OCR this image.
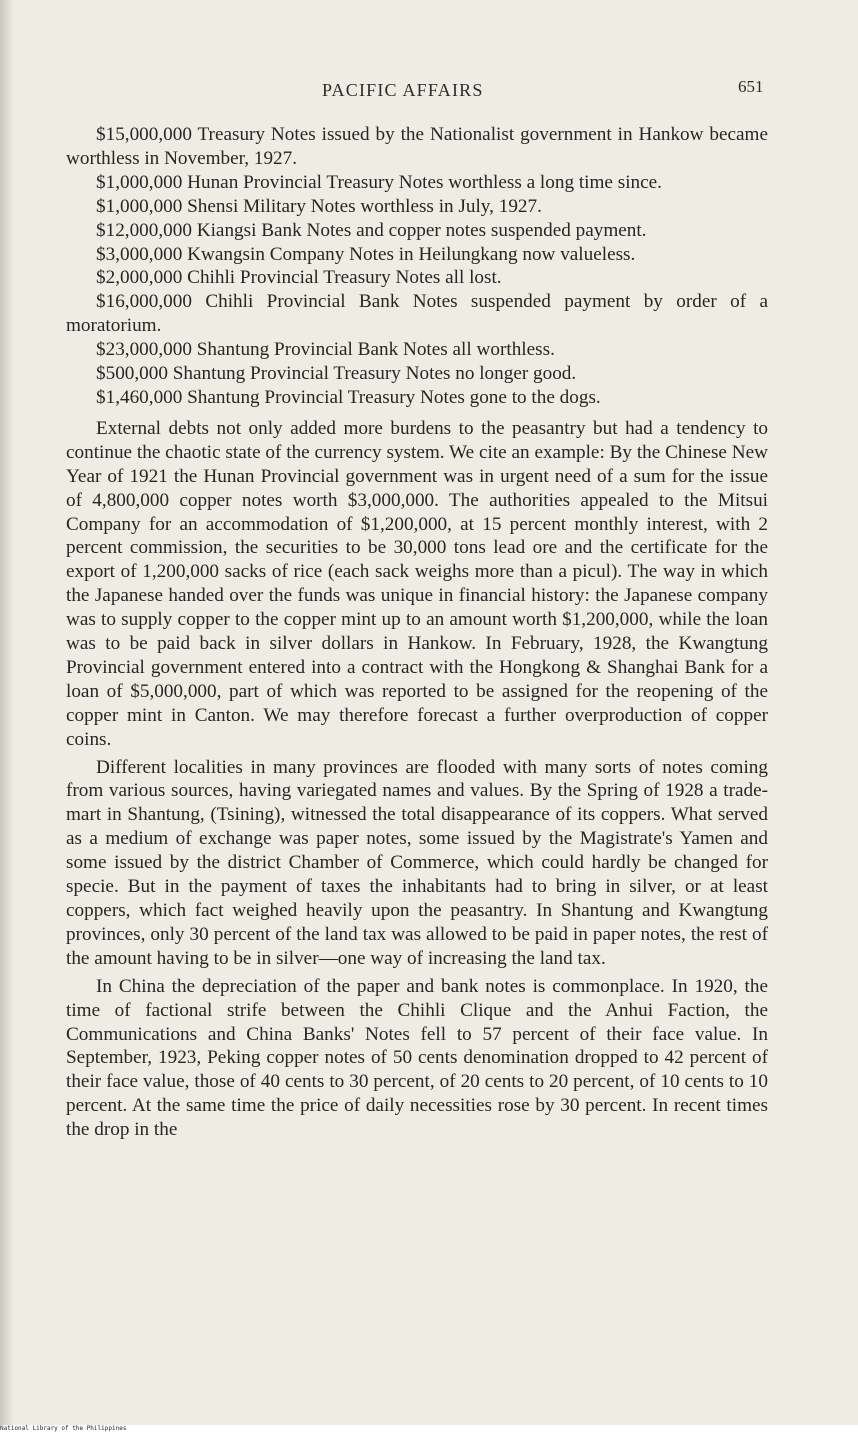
PACIFIC AFFAIRS	651

$15,000,000 Treasury Notes issued by the Nationalist government in Hankow became worthless in November, 1927.

$1,000,000 Hunan Provincial Treasury Notes worthless a long time since.

$1,000,000 Shensi Military Notes worthless in July, 1927.

$12,000,000 Kiangsi Bank Notes and copper notes suspended payment.

$3,000,000 Kwangsin Company Notes in Heilungkang now valueless.

$2,000,000 Chihli Provincial Treasury Notes all lost.

$16,000,000 Chihli Provincial Bank Notes suspended payment by order of a moratorium.

$23,000,000 Shantung Provincial Bank Notes all worthless.

$500,000 Shantung Provincial Treasury Notes no longer good.

$1,460,000 Shantung Provincial Treasury Notes gone to the dogs.

External debts not only added more burdens to the peasantry but had a tendency to continue the chaotic state of the currency system. We cite an example: By the Chinese New Year of 1921 the Hunan Provincial government was in urgent need of a sum for the issue of 4,800,000 copper notes worth $3,000,000. The authorities appealed to the Mitsui Company for an accommodation of $1,200,000, at 15 percent monthly interest, with 2 percent commission, the securities to be 30,000 tons lead ore and the certificate for the export of 1,200,000 sacks of rice (each sack weighs more than a picul). The way in which the Japanese handed over the funds was unique in financial history: the Japanese company was to supply copper to the copper mint up to an amount worth $1,200,000, while the loan was to be paid back in silver dollars in Hankow. In February, 1928, the Kwangtung Provincial government entered into a contract with the Hongkong & Shanghai Bank for a loan of $5,000,000, part of which was reported to be assigned for the reopening of the copper mint in Canton. We may therefore forecast a further overproduction of copper coins.

Different localities in many provinces are flooded with many sorts of notes coming from various sources, having variegated names and values. By the Spring of 1928 a trade-mart in Shantung, (Tsining), witnessed the total disappearance of its coppers. What served as a medium of exchange was paper notes, some issued by the Magistrate's Yamen and some issued by the district Chamber of Commerce, which could hardly be changed for specie. But in the payment of taxes the inhabitants had to bring in silver, or at least coppers, which fact weighed heavily upon the peasantry. In Shantung and Kwangtung provinces, only 30 percent of the land tax was allowed to be paid in paper notes, the rest of the amount having to be in silver—one way of increasing the land tax.

In China the depreciation of the paper and bank notes is commonplace. In 1920, the time of factional strife between the Chihli Clique and the Anhui Faction, the Communications and China Banks' Notes fell to 57 percent of their face value. In September, 1923, Peking copper notes of 50 cents denomination dropped to 42 percent of their face value, those of 40 cents to 30 percent, of 20 cents to 20 percent, of 10 cents to 10 percent. At the same time the price of daily necessities rose by 30 percent. In recent times the drop in the

National Library of the Philippines
